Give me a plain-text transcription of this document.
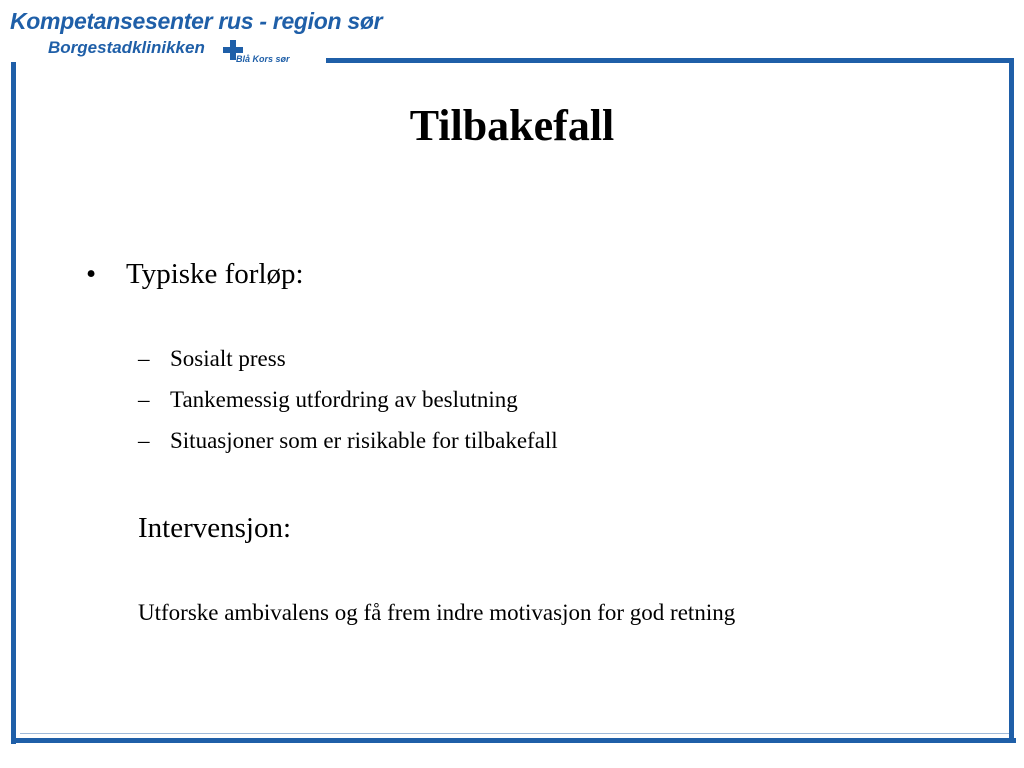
Kompetansesenter rus - region sør
Borgestadklinikken
Blå Kors sør
Tilbakefall
• Typiske forløp:
– Sosialt press
– Tankemessig utfordring av beslutning
– Situasjoner som er risikable for tilbakefall
Intervensjon:
Utforske ambivalens og få frem indre motivasjon for god retning
